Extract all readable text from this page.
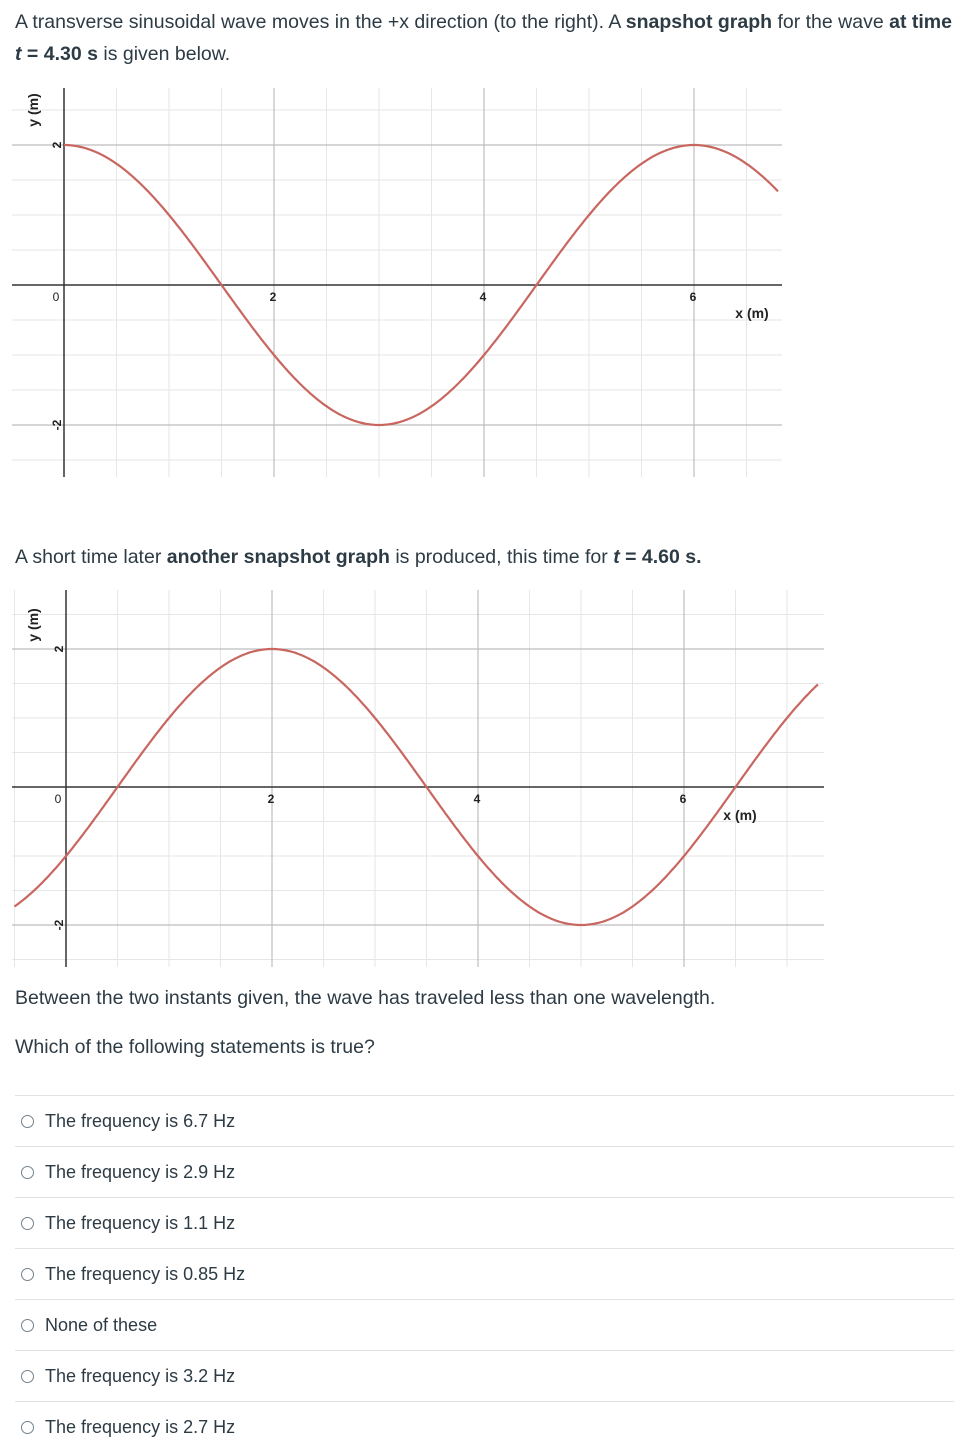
A transverse sinusoidal wave moves in the +x direction (to the right). A snapshot graph for the wave at time t = 4.30 s is given below.

0	2	4	6
2
-2
x (m)
y (m)

A short time later another snapshot graph is produced, this time for t = 4.60 s.

0	2	4	6
2
-2
x (m)
y (m)

Between the two instants given, the wave has traveled less than one wavelength.

Which of the following statements is true?

The frequency is 6.7 Hz
The frequency is 2.9 Hz
The frequency is 1.1 Hz
The frequency is 0.85 Hz
None of these
The frequency is 3.2 Hz
The frequency is 2.7 Hz
